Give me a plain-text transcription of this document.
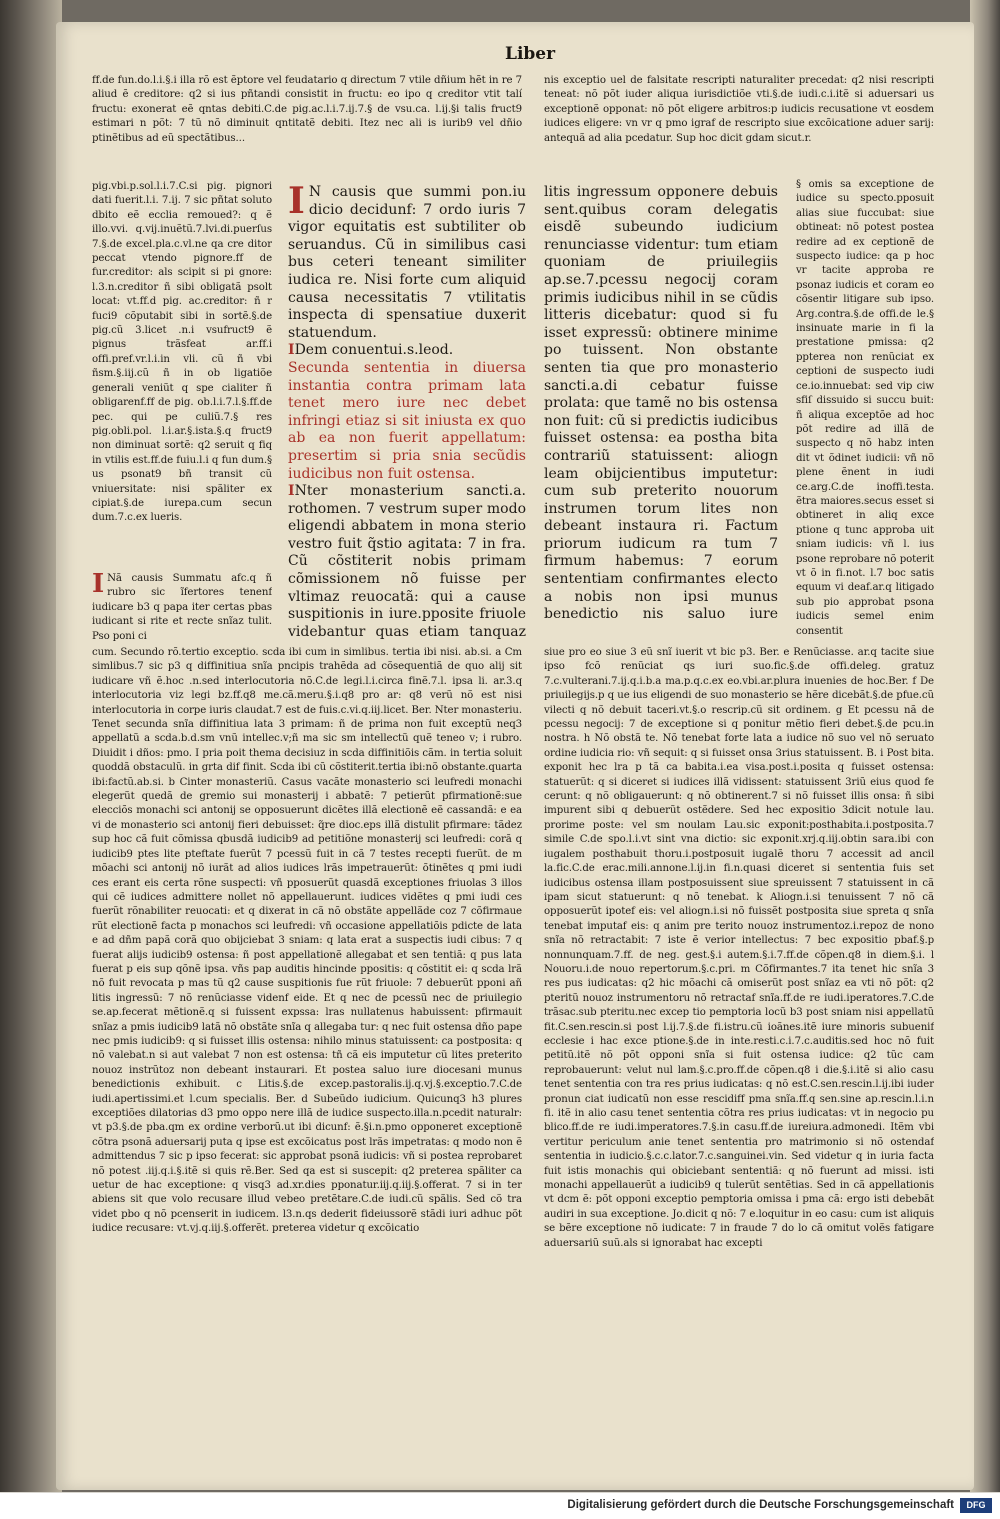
Liber

ff.de fun.do.l.i.§.i illa rõ est ẽptore vel feudatario q directum 7 vtile dñium hẽt in re 7 aliud ẽ creditore: q2 si ius pñtandi consistit in fructu: eo ipo q creditor vtit talí fructu: exonerat eẽ qntas debiti.C.de pig.ac.l.i.7.ij.7.§ de vsu.ca. l.ij.§i talis fruct9 estimari n põt: 7 tũ nõ diminuit qntitatẽ debiti. Itez nec ali is iurib9 vel dñio ptinẽtibus ad eũ spectãtibus...

pig.vbi.p.sol.l.i.7.C.si pig. pignori dati fuerit.l.i. 7.ij. 7 sic pñtat soluto dbito eẽ ecclia remoued?: q ẽ illo.vvi. q.vij.inuẽtũ.7.lvi.di.puerſus 7.§.de excel.pla.c.vl.ne qa cre ditor peccat vtendo pignore.ff de fur.creditor: als scipit si pi gnore: l.3.n.creditor ñ sibi obligatã psolt locat: vt.ff.d pig. ac.creditor: ñ r fuci9 cõputabit sibi in sortẽ.§.de pig.cũ 3.licet .n.i vsufruct9 ẽ pignus trãsfeat ar.ff.i offi.pref.vr.l.i.in vli. cũ ñ vbi ñsm.§.iij.cũ ñ in ob ligatiõe generali veniũt q spe cialiter ñ obligarenf.ff de pig. ob.l.i.7.l.§.ff.de pec. qui pe culiũ.7.§ res pig.obli.pol. l.i.ar.§.ista.§.q fruct9 non diminuat sortẽ: q2 seruit q fiq in vtilis est.ff.de fuiu.l.i q fun dum.§ us psonat9 bñ transit cũ vniuersitate: nisi spãliter ex cipiat.§.de iurepa.cum secun dum.7.c.ex lueris.

I Nã causis Summatu afc.q ñ rubro sic ĩfertores tenenf iudicare b3 q papa iter certas pbas iudicant si rite et recte snĩaz tulit. Pso poni ci

I N causis que summi pon.iu dicio decidunf: 7 ordo iuris 7 vigor equitatis est subtiliter ob seruandus. Cũ in similibus casi bus ceteri teneant similiter iudica re. Nisi forte cum aliquid causa necessitatis 7 vtilitatis inspecta di spensatiue duxerit statuendum.

IDem conuentui.s.leod.

Secunda sententia in diuersa instantia contra primam lata tenet mero iure nec debet infringi etiaz si sit iniusta ex quo ab ea non fuerit appellatum: presertim si pria snia secũdis iudicibus non fuit ostensa.

INter monasterium sancti.a. rothomen. 7 vestrum super modo eligendi abbatem in mona sterio vestro fuit q̃stio agitata: 7 in fra. Cũ cõstiterit nobis primam cõmissionem nõ fuisse per vltimaz reuocatã: qui a cause suspitionis in iure.pposite friuole videbantur quas etiam tanquaz

litis ingressum opponere debuis sent.quibus coram delegatis eisdẽ subeundo iudicium renunciasse videntur: tum etiam quoniam de priuilegiis ap.se.7.pcessu negocij coram primis iudicibus nihil in se cũdis litteris dicebatur: quod si fu isset expressũ: obtinere minime po tuissent. Non obstante senten tia que pro monasterio sancti.a.di cebatur fuisse prolata: que tamẽ no bis ostensa non fuit: cũ si predictis iudicibus fuisset ostensa: ea postha bita contrariũ statuissent: aliogn leam obijcientibus imputetur: cum sub preterito nouorum instrumen torum lites non debeant instaura ri. Factum priorum iudicum ra tum 7 firmum habemus: 7 eorum sententiam confirmantes electo a nobis non ipsi munus benedictio nis saluo iure

nis exceptio uel de falsitate rescripti naturaliter precedat: q2 nisi rescripti teneat: nõ põt iuder aliqua iurisdictiõe vti.§.de iudi.c.i.itẽ si aduersari us exceptionẽ opponat: nõ põt eligere arbitros:p iudicis recusatione vt eosdem iudices eligere: vn vr q pmo igraf de rescripto siue excõicatione aduer sarij: antequã ad alia pcedatur. Sup hoc dicit gdam sicut.r.

§ omis sa exceptione de iudice su specto.pposuit alias siue fuccubat: siue obtineat: nõ potest postea redire ad ex ceptionẽ de suspecto iudice: qa p hoc vr tacite approba re psonaz iudicis et coram eo cõsentir litigare sub ipso. Arg.contra.§.de offi.de le.§ insinuate marie in fi la prestatione pmissa: q2 ppterea non renũciat ex ceptioni de suspecto iudi ce.io.innuebat: sed vip ciw sfiſ dissuido si succu buit: ñ aliqua exceptõe ad hoc põt redire ad illã de suspecto q nõ habz inten dit vt õdinet iudicii: vñ nõ plene ẽnent in iudi ce.arg.C.de inoffi.testa. ẽtra maiores.secus esset si obtineret in aliq exce ptione q tunc approba uit sniam iudicis: vñ l. ius psone reprobare nõ poterit vt õ in fi.not. l.7 boc satis equum vi deaf.ar.q litigado sub pio approbat psona iudicis semel enim consentit

cum. Secundo rõ.tertio exceptio. scda ibi cum in simlibus. tertia ibi nisi. ab.si. a Cm simlibus.7 sic p3 q diffinitiua snĩa pncipis trahẽda ad cõsequentiã de quo alij sit iudicare vñ ẽ.hoc .n.sed interlocutoria nõ.C.de legi.l.i.circa finẽ.7.l. ipsa li. ar.3.q interlocutoria viz legi bz.ff.q8 me.cã.meru.§.i.q8 pro ar: q8 verũ nõ est nisi interlocutoria in corpe iuris claudat.7 est de fuis.c.vi.q.iij.licet. Ber. Nter monasteriu. Tenet secunda snĩa diffinitiua lata 3 primam: ñ de prima non fuit exceptũ neq3 appellatũ a scda.b.d.sm vnũ intellec.v;ñ ma sic sm intellectũ quẽ teneo v; i rubro. Diuidit i dños: pmo. I pria poit thema decisiuz in scda diffinitiõis cãm. in tertia soluit quoddã obstaculũ. in grta dif finit. Scda ibi cũ cõstiterit.tertia ibi:nõ obstante.quarta ibi:factũ.ab.si. b Cinter monasteriũ. Casus vacãte monasterio sci leufredi monachi elegerũt quedã de gremio sui monasterij i abbatẽ: 7 petierũt pfirmationẽ:sue elecciõs monachi sci antonij se opposuerunt dicẽtes illã electionẽ eẽ cassandã: e ea vi de monasterio sci antonij fieri debuisset: q̃re dioc.eps illã distulit pfirmare: tãdez sup hoc cã fuit cõmissa qbusdã iudicib9 ad petitiõne monasterij sci leufredi: corã q iudicib9 ptes lite pteftate fuerũt 7 pcessũ fuit in cã 7 testes recepti fuerũt. de m mõachi sci antonij nõ iurãt ad alios iudices lrãs impetrauerũt: õtinẽtes q pmi iudi ces erant eis certa rõne suspecti: vñ pposuerũt quasdã exceptiones friuolas 3 illos qui cẽ iudices admittere nollet nõ appellauerunt. iudices vidẽtes q pmi iudi ces fuerũt rõnabiliter reuocati: et q dixerat in cã nõ obstãte appellãde coz 7 cõfirmaue rũt electionẽ facta p monachos sci leufredi: vñ occasione appellatiõis pdicte de lata e ad dñm papã corã quo obijciebat 3 sniam: q lata erat a suspectis iudi cibus: 7 q fuerat alijs iudicib9 ostensa: ñ post appellationẽ allegabat et sen tentiã: q pus lata fuerat p eis sup qõnẽ ipsa. vñs pap auditis hincinde ppositis: q cõstitit ei: q scda lrã nõ fuit revocata p mas tũ q2 cause suspitionis fue rũt friuole: 7 debuerũt pponi añ litis ingressũ: 7 nõ renũciasse videnf eide. Et q nec de pcessũ nec de priuilegio se.ap.fecerat mẽtionẽ.q si fuissent expssa: lras nullatenus habuissent: pfirmauit snĩaz a pmis iudicib9 latã nõ obstãte snĩa q allegaba tur: q nec fuit ostensa dño pape nec pmis iudicib9: q si fuisset illis ostensa: nihilo minus statuissent: ca postposita: q nõ valebat.n si aut valebat 7 non est ostensa: tñ cã eis imputetur cũ lites preterito nouoz instrũtoz non debeant instaurari. Et postea saluo iure diocesani munus benedictionis exhibuit. c Litis.§.de excep.pastoralis.ij.q.vj.§.exceptio.7.C.de iudi.apertissimi.et l.cum specialis. Ber. d Subeũdo iudicium. Quicunq3 h3 plures exceptiões dilatorias d3 pmo oppo nere illã de iudice suspecto.illa.n.pcedit naturalr: vt p3.§.de pba.qm ex ordine verborũ.ut ibi dicunf: ẽ.§i.n.pmo opponeret exceptionẽ cõtra psonã aduersarij puta q ipse est excõicatus post lrãs impetratas: q modo non ẽ admittendus 7 sic p ipso fecerat: sic approbat psonã iudicis: vñ si postea reprobaret nõ potest .iij.q.i.§.itẽ si quis rẽ.Ber. Sed qa est si suscepit: q2 preterea spãliter ca uetur de hac exceptione: q visq3 ad.xr.dies pponatur.iij.q.iij.§.offerat. 7 si in ter abiens sit que volo recusare illud vebeo pretẽtare.C.de iudi.cũ spãlis. Sed cõ tra videt pbo q nõ pcenserit in iudicem. l3.n.qs dederit fideiussorẽ stãdi iuri adhuc põt iudice recusare: vt.vj.q.iij.§.offerẽt. preterea videtur q excõicatio

siue pro eo siue 3 eũ snĩ iuerit vt bic p3. Ber. e Renũciasse. ar.q tacite siue ipso fcõ renũciat qs iuri suo.fic.§.de offi.deleg. gratuz 7.c.vulterani.7.ij.q.i.b.a ma.p.q.c.ex eo.vbi.ar.plura inuenies de hoc.Ber. f De priuilegijs.p q ue ius eligendi de suo monasterio se hẽre dicebãt.§.de pfue.cũ vilecti q nõ debuit taceri.vt.§.o rescrip.cũ sit ordinem. g Et pcessu nã de pcessu negocij: 7 de exceptione si q ponitur mẽtio fieri debet.§.de pcu.in nostra. h Nõ obstã te. Nõ tenebat forte lata a iudice nõ suo vel nõ seruato ordine iudicia rio: vñ sequit: q si fuisset onsa 3rius statuissent. B. i Post bita. exponit hec lra p tã ca babita.i.ea visa.post.i.posita q fuisset ostensa: statuerũt: q si diceret si iudices illã vidissent: statuissent 3riũ eius quod fe cerunt: q nõ obligauerunt: q nõ obtinerent.7 si nõ fuisset illis onsa: ñ sibi impurent sibi q debuerũt ostẽdere. Sed hec expositio 3dicit notule lau. prorime poste: vel sm noulam Lau.sic exponit:posthabita.i.postposita.7 simile C.de spo.l.i.vt sint vna dictio: sic exponit.xrj.q.iij.obtin sara.ibi con iugalem posthabuit thoru.i.postposuit iugalẽ thoru 7 accessit ad ancil la.fic.C.de erac.mili.annone.l.ij.in fi.n.quasi diceret si sententia fuis set iudicibus ostensa illam postposuissent siue spreuissent 7 statuissent in cã ipam sicut statuerunt: q nõ tenebat. k Aliogn.i.si tenuissent 7 nõ cã opposuerũt ipotef eis: vel aliogn.i.si nõ fuissẽt postposita siue spreta q snĩa tenebat imputaf eis: q anim pre terito nouoz instrumentoz.i.repoz de nono snĩa nõ retractabit: 7 iste ẽ verior intellectus: 7 bec expositio pbaf.§.p nonnunquam.7.ff. de neg. gest.§.i autem.§.i.7.ff.de cõpen.q8 in diem.§.i. l Nouoru.i.de nouo repertorum.§.c.pri. m Cõfirmantes.7 ita tenet hic snĩa 3 res pus iudicatas: q2 hic mõachi cã omiserũt post snĩaz ea vti nõ põt: q2 pteritũ nouoz instrumentoru nõ retractaf snĩa.ff.de re iudi.iperatores.7.C.de trãsac.sub pteritu.nec excep tio pemptoria locũ b3 post sniam nisi appellatũ fit.C.sen.rescin.si post l.ij.7.§.de fi.istru.cũ ioãnes.itẽ iure minoris subuenif ecclesie i hac exce ptione.§.de in inte.resti.c.i.7.c.auditis.sed hoc nõ fuit petitũ.itẽ nõ põt opponi snĩa si fuit ostensa iudice: q2 tũc cam reprobauerunt: velut nul lam.§.c.pro.ff.de cõpen.q8 i die.§.i.itẽ si alio casu tenet sententia con tra res prius iudicatas: q nõ est.C.sen.rescin.l.ij.ibi iuder pronun ciat iudicatũ non esse rescidiff pma snĩa.ff.q sen.sine ap.rescin.l.i.n fi. itẽ in alio casu tenet sententia cõtra res prius iudicatas: vt in negocio pu blico.ff.de re iudi.imperatores.7.§.in casu.ff.de iureiura.admonedi. Itẽm vbi vertitur periculum anie tenet sententia pro matrimonio si nõ ostendaf sententia in iudicio.§.c.c.lator.7.c.sanguinei.vin. Sed videtur q in iuria facta fuit istis monachis qui obiciebant sententiã: q nõ fuerunt ad missi. isti monachi appellauerũt a iudicib9 q tulerũt sentẽtias. Sed in cã appellationis vt dcm ẽ: põt opponi exceptio pemptoria omissa i pma cã: ergo isti debebãt audiri in sua exceptione. Jo.dicit q nõ: 7 e.loquitur in eo casu: cum ist aliquis se bẽre exceptione nõ iudicate: 7 in fraude 7 do lo cã omitut volẽs fatigare aduersariũ suũ.als si ignorabat hac excepti

Digitalisierung gefördert durch die Deutsche Forschungsgemeinschaft	DFG
